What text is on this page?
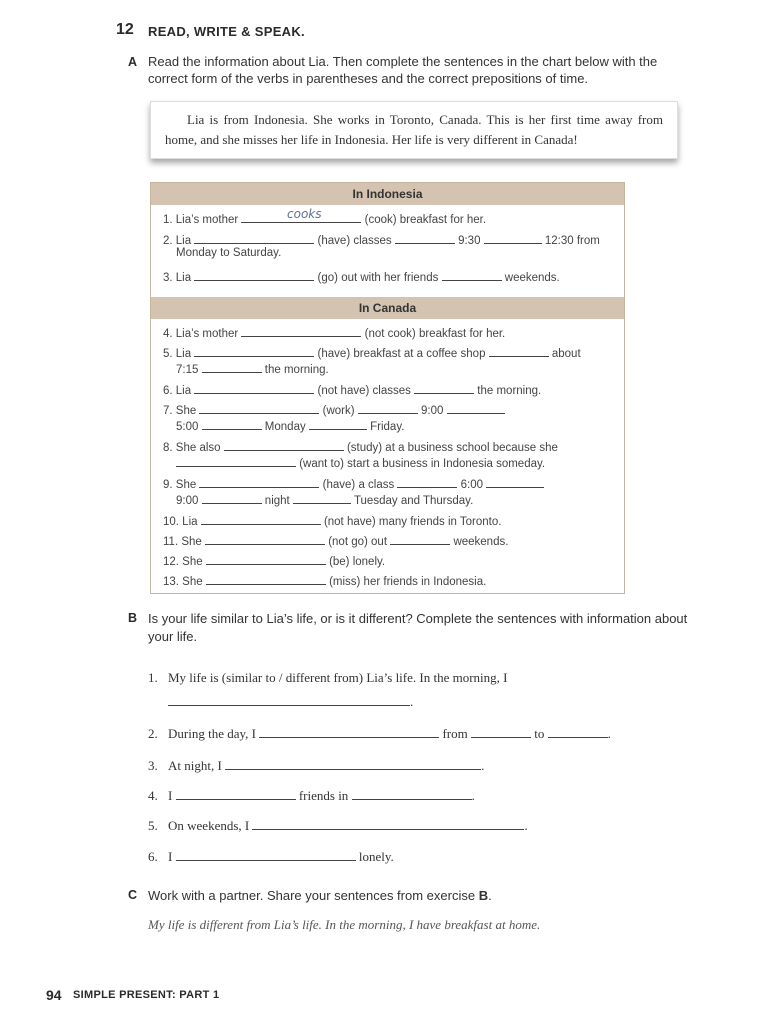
12 READ, WRITE & SPEAK.
A Read the information about Lia. Then complete the sentences in the chart below with the
correct form of the verbs in parentheses and the correct prepositions of time.
Lia is from Indonesia. She works in Toronto, Canada. This is her first time away from home, and she misses her life in Indonesia. Her life is very different in Canada!
In Indonesia
1. Lia’s mother	(cook) breakfast for her.
cooks
2. Lia	(have) classes	9:30	12:30 from
Monday to Saturday.
3. Lia	(go) out with her friends	weekends.
In Canada
4. Lia’s mother	(not cook) breakfast for her.
5. Lia	(have) breakfast at a coffee shop	about
7:15	the morning.
6. Lia	(not have) classes	the morning.
7. She	(work)	9:00
5:00	Monday	Friday.
8. She also	(study) at a business school because she
(want to) start a business in Indonesia someday.
9. She	(have) a class	6:00
9:00	night	Tuesday and Thursday.
10. Lia	(not have) many friends in Toronto.
11. She	(not go) out	weekends.
12. She	(be) lonely.
13. She	(miss) her friends in Indonesia.
B Is your life similar to Lia’s life, or is it different? Complete the sentences with information about
your life.
1. My life is (similar to / different from) Lia’s life. In the morning, I
.
2. During the day, I	from	to	.
3. At night, I	.
4. I	friends in	.
5. On weekends, I	.
6. I	lonely.
C Work with a partner. Share your sentences from exercise B.
My life is different from Lia’s life. In the morning, I have breakfast at home.
94 SIMPLE PRESENT: PART 1
